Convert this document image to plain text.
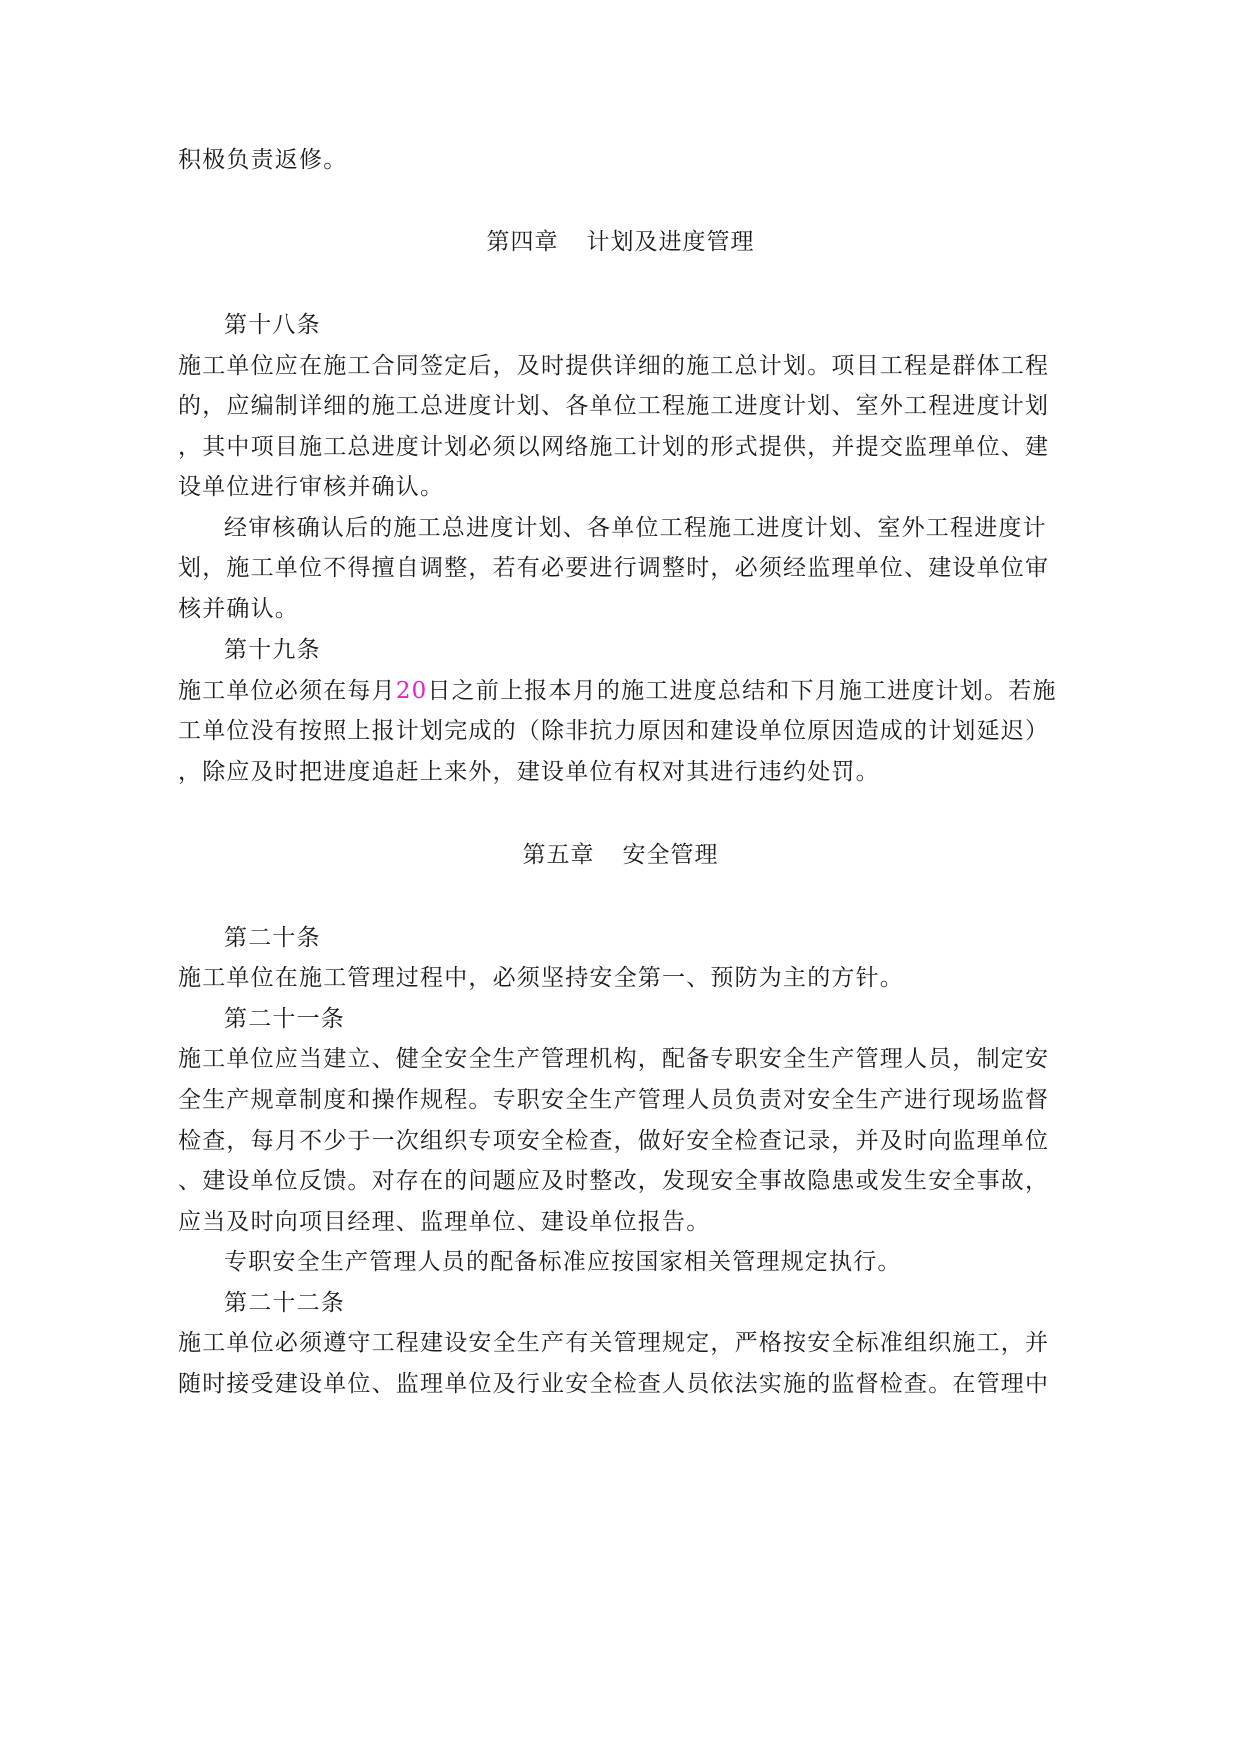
积极负责返修。
第四章 计划及进度管理
第十八条
施工单位应在施工合同签定后，及时提供详细的施工总计划。项目工程是群体工程
的，应编制详细的施工总进度计划、各单位工程施工进度计划、室外工程进度计划
，其中项目施工总进度计划必须以网络施工计划的形式提供，并提交监理单位、建
设单位进行审核并确认。
经审核确认后的施工总进度计划、各单位工程施工进度计划、室外工程进度计
划，施工单位不得擅自调整，若有必要进行调整时，必须经监理单位、建设单位审
核并确认。
第十九条
施工单位必须在每月20日之前上报本月的施工进度总结和下月施工进度计划。若施
工单位没有按照上报计划完成的（除非抗力原因和建设单位原因造成的计划延迟）
，除应及时把进度追赶上来外，建设单位有权对其进行违约处罚。
第五章 安全管理
第二十条
施工单位在施工管理过程中，必须坚持安全第一、预防为主的方针。
第二十一条
施工单位应当建立、健全安全生产管理机构，配备专职安全生产管理人员，制定安
全生产规章制度和操作规程。专职安全生产管理人员负责对安全生产进行现场监督
检查，每月不少于一次组织专项安全检查，做好安全检查记录，并及时向监理单位
、建设单位反馈。对存在的问题应及时整改，发现安全事故隐患或发生安全事故，
应当及时向项目经理、监理单位、建设单位报告。
专职安全生产管理人员的配备标准应按国家相关管理规定执行。
第二十二条
施工单位必须遵守工程建设安全生产有关管理规定，严格按安全标准组织施工，并
随时接受建设单位、监理单位及行业安全检查人员依法实施的监督检查。在管理中
